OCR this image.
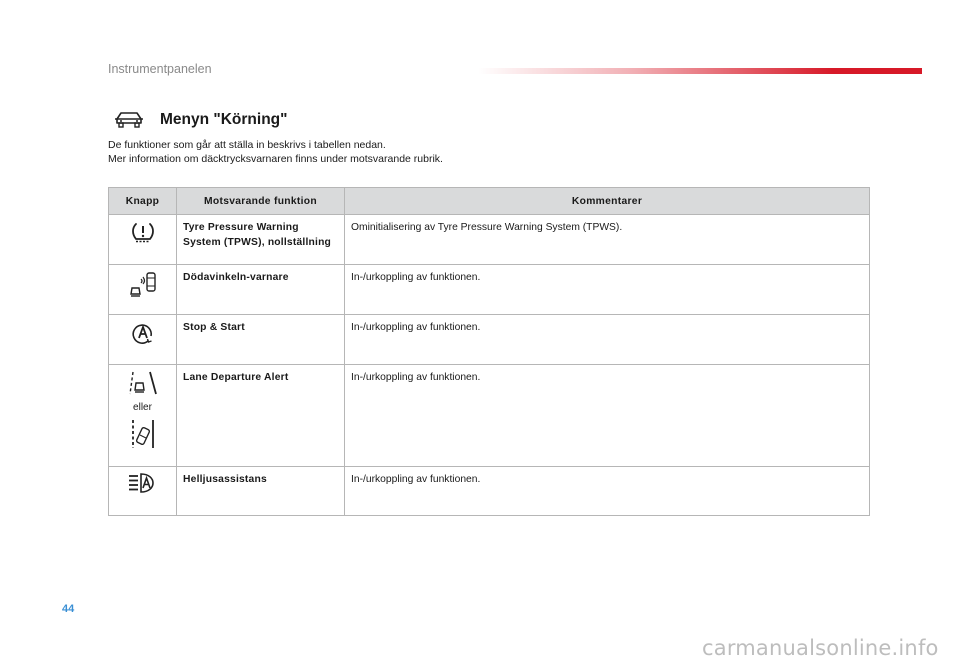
Instrumentpanelen
Menyn "Körning"
De funktioner som går att ställa in beskrivs i tabellen nedan.
Mer information om däcktrycksvarnaren finns under motsvarande rubrik.
Knapp	Motsvarande funktion	Kommentarer
	Tyre Pressure Warning System (TPWS), nollställning	Ominitialisering av Tyre Pressure Warning System (TPWS).
	Dödavinkeln-varnare	In-/urkoppling av funktionen.
	Stop & Start	In-/urkoppling av funktionen.

eller	Lane Departure Alert	In-/urkoppling av funktionen.
	Helljusassistans	In-/urkoppling av funktionen.
44
carmanualsonline.info
